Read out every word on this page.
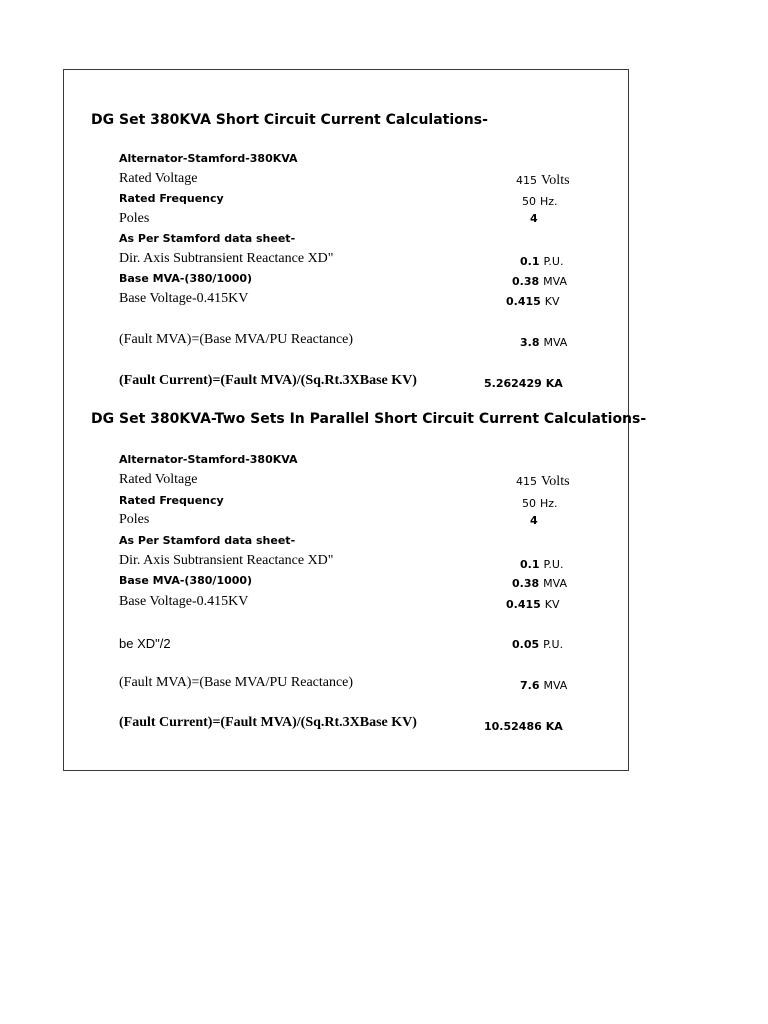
DG Set 380KVA Short Circuit Current Calculations-
Alternator-Stamford-380KVA
Rated Voltage	415 Volts
Rated Frequency	50 Hz.
Poles	4
As Per Stamford data sheet-
Dir. Axis Subtransient Reactance XD"	0.1 P.U.
Base MVA-(380/1000)	0.38 MVA
Base Voltage-0.415KV	0.415 KV
(Fault MVA)=(Base MVA/PU Reactance)	3.8 MVA
(Fault Current)=(Fault MVA)/(Sq.Rt.3XBase KV)	5.262429 KA
DG Set 380KVA-Two Sets In Parallel Short Circuit Current Calculations-
Alternator-Stamford-380KVA
Rated Voltage	415 Volts
Rated Frequency	50 Hz.
Poles	4
As Per Stamford data sheet-
Dir. Axis Subtransient Reactance XD"	0.1 P.U.
Base MVA-(380/1000)	0.38 MVA
Base Voltage-0.415KV	0.415 KV
be XD"/2	0.05 P.U.
(Fault MVA)=(Base MVA/PU Reactance)	7.6 MVA
(Fault Current)=(Fault MVA)/(Sq.Rt.3XBase KV)	10.52486 KA
